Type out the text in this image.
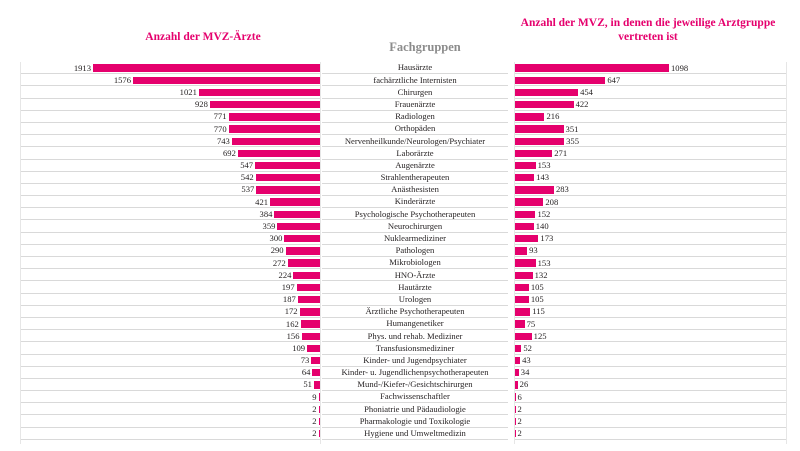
Anzahl der MVZ-Ärzte
Fachgruppen
Anzahl der MVZ, in denen die jeweilige Arztgruppe vertreten ist
1913
1576
1021
928
771
770
743
692
547
542
537
421
384
359
300
290
272
224
197
187
172
162
156
109
73
64
51
9
2
2
2
Hausärzte
fachärztliche Internisten
Chirurgen
Frauenärzte
Radiologen
Orthopäden
Nervenheilkunde/Neurologen/Psychiater
Laborärzte
Augenärzte
Strahlentherapeuten
Anästhesisten
Kinderärzte
Psychologische Psychotherapeuten
Neurochirurgen
Nuklearmediziner
Pathologen
Mikrobiologen
HNO-Ärzte
Hautärzte
Urologen
Ärztliche Psychotherapeuten
Humangenetiker
Phys. und rehab. Mediziner
Transfusionsmediziner
Kinder- und Jugendpsychiater
Kinder- u. Jugendlichenpsychotherapeuten
Mund-/Kiefer-/Gesichtschirurgen
Fachwissenschaftler
Phoniatrie und Pädaudiologie
Pharmakologie und Toxikologie
Hygiene und Umweltmedizin
1098
647
454
422
216
351
355
271
153
143
283
208
152
140
173
93
153
132
105
105
115
75
125
52
43
34
26
6
2
2
2
